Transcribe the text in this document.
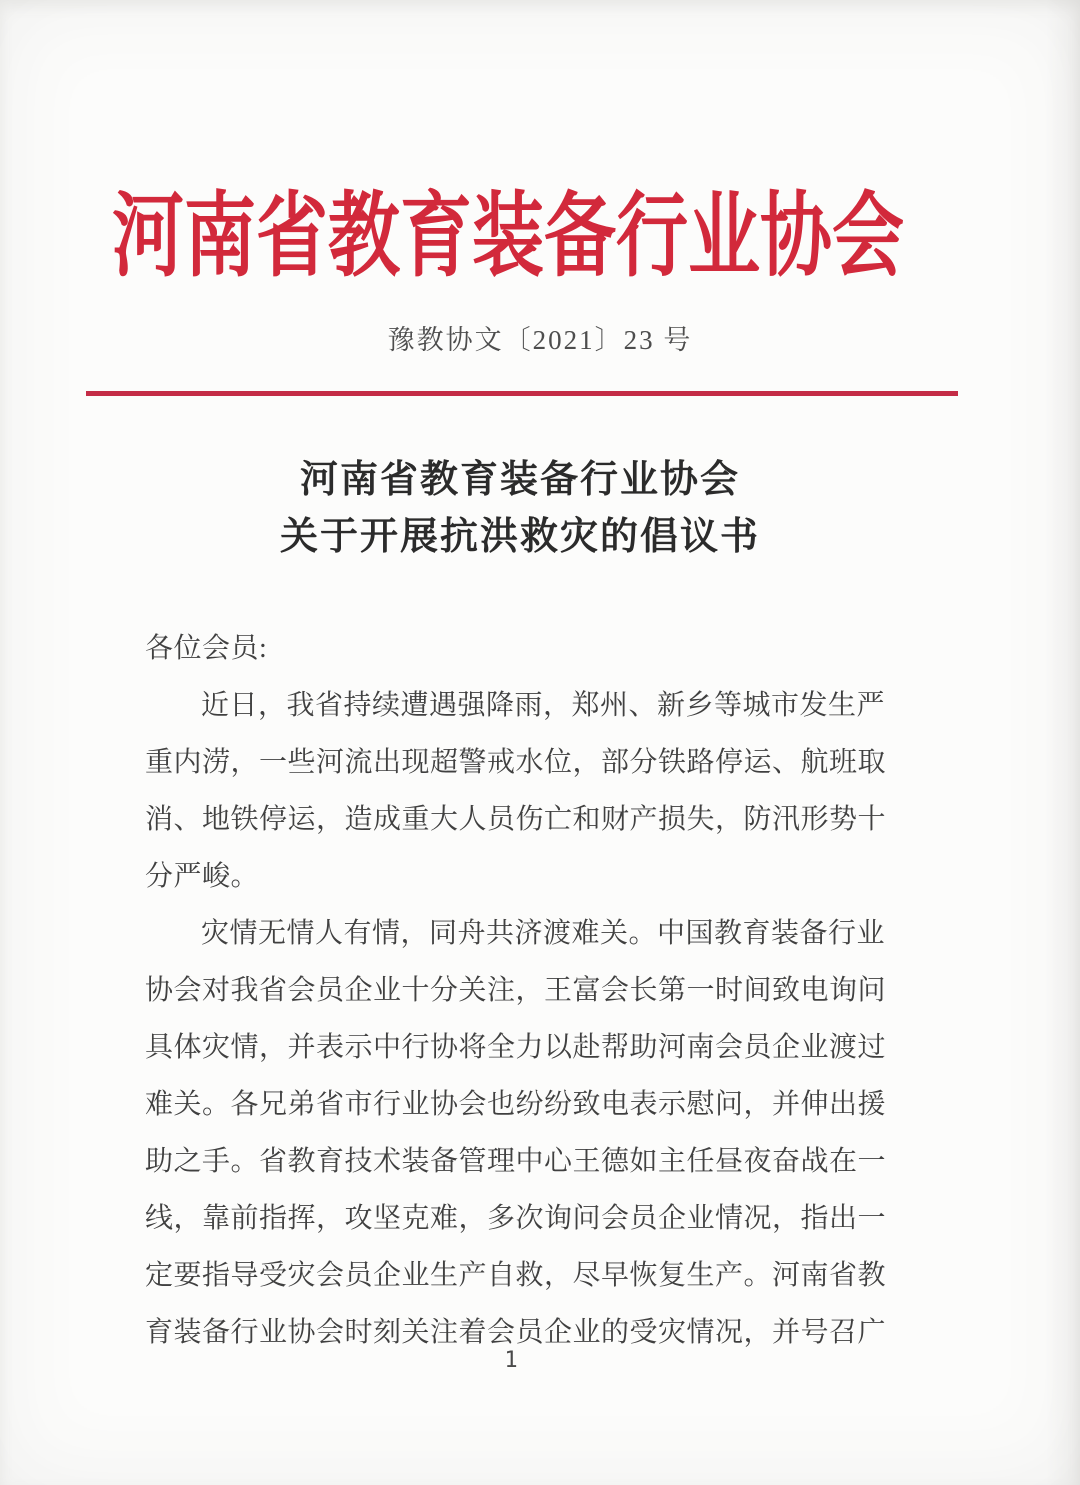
河南省教育装备行业协会
豫教协文〔2021〕23 号
河南省教育装备行业协会
关于开展抗洪救灾的倡议书
各位会员:
近日，我省持续遭遇强降雨，郑州、新乡等城市发生严
重内涝，一些河流出现超警戒水位，部分铁路停运、航班取
消、地铁停运，造成重大人员伤亡和财产损失，防汛形势十
分严峻。
灾情无情人有情，同舟共济渡难关。中国教育装备行业
协会对我省会员企业十分关注，王富会长第一时间致电询问
具体灾情，并表示中行协将全力以赴帮助河南会员企业渡过
难关。各兄弟省市行业协会也纷纷致电表示慰问，并伸出援
助之手。省教育技术装备管理中心王德如主任昼夜奋战在一
线，靠前指挥，攻坚克难，多次询问会员企业情况，指出一
定要指导受灾会员企业生产自救，尽早恢复生产。河南省教
育装备行业协会时刻关注着会员企业的受灾情况，并号召广
1
